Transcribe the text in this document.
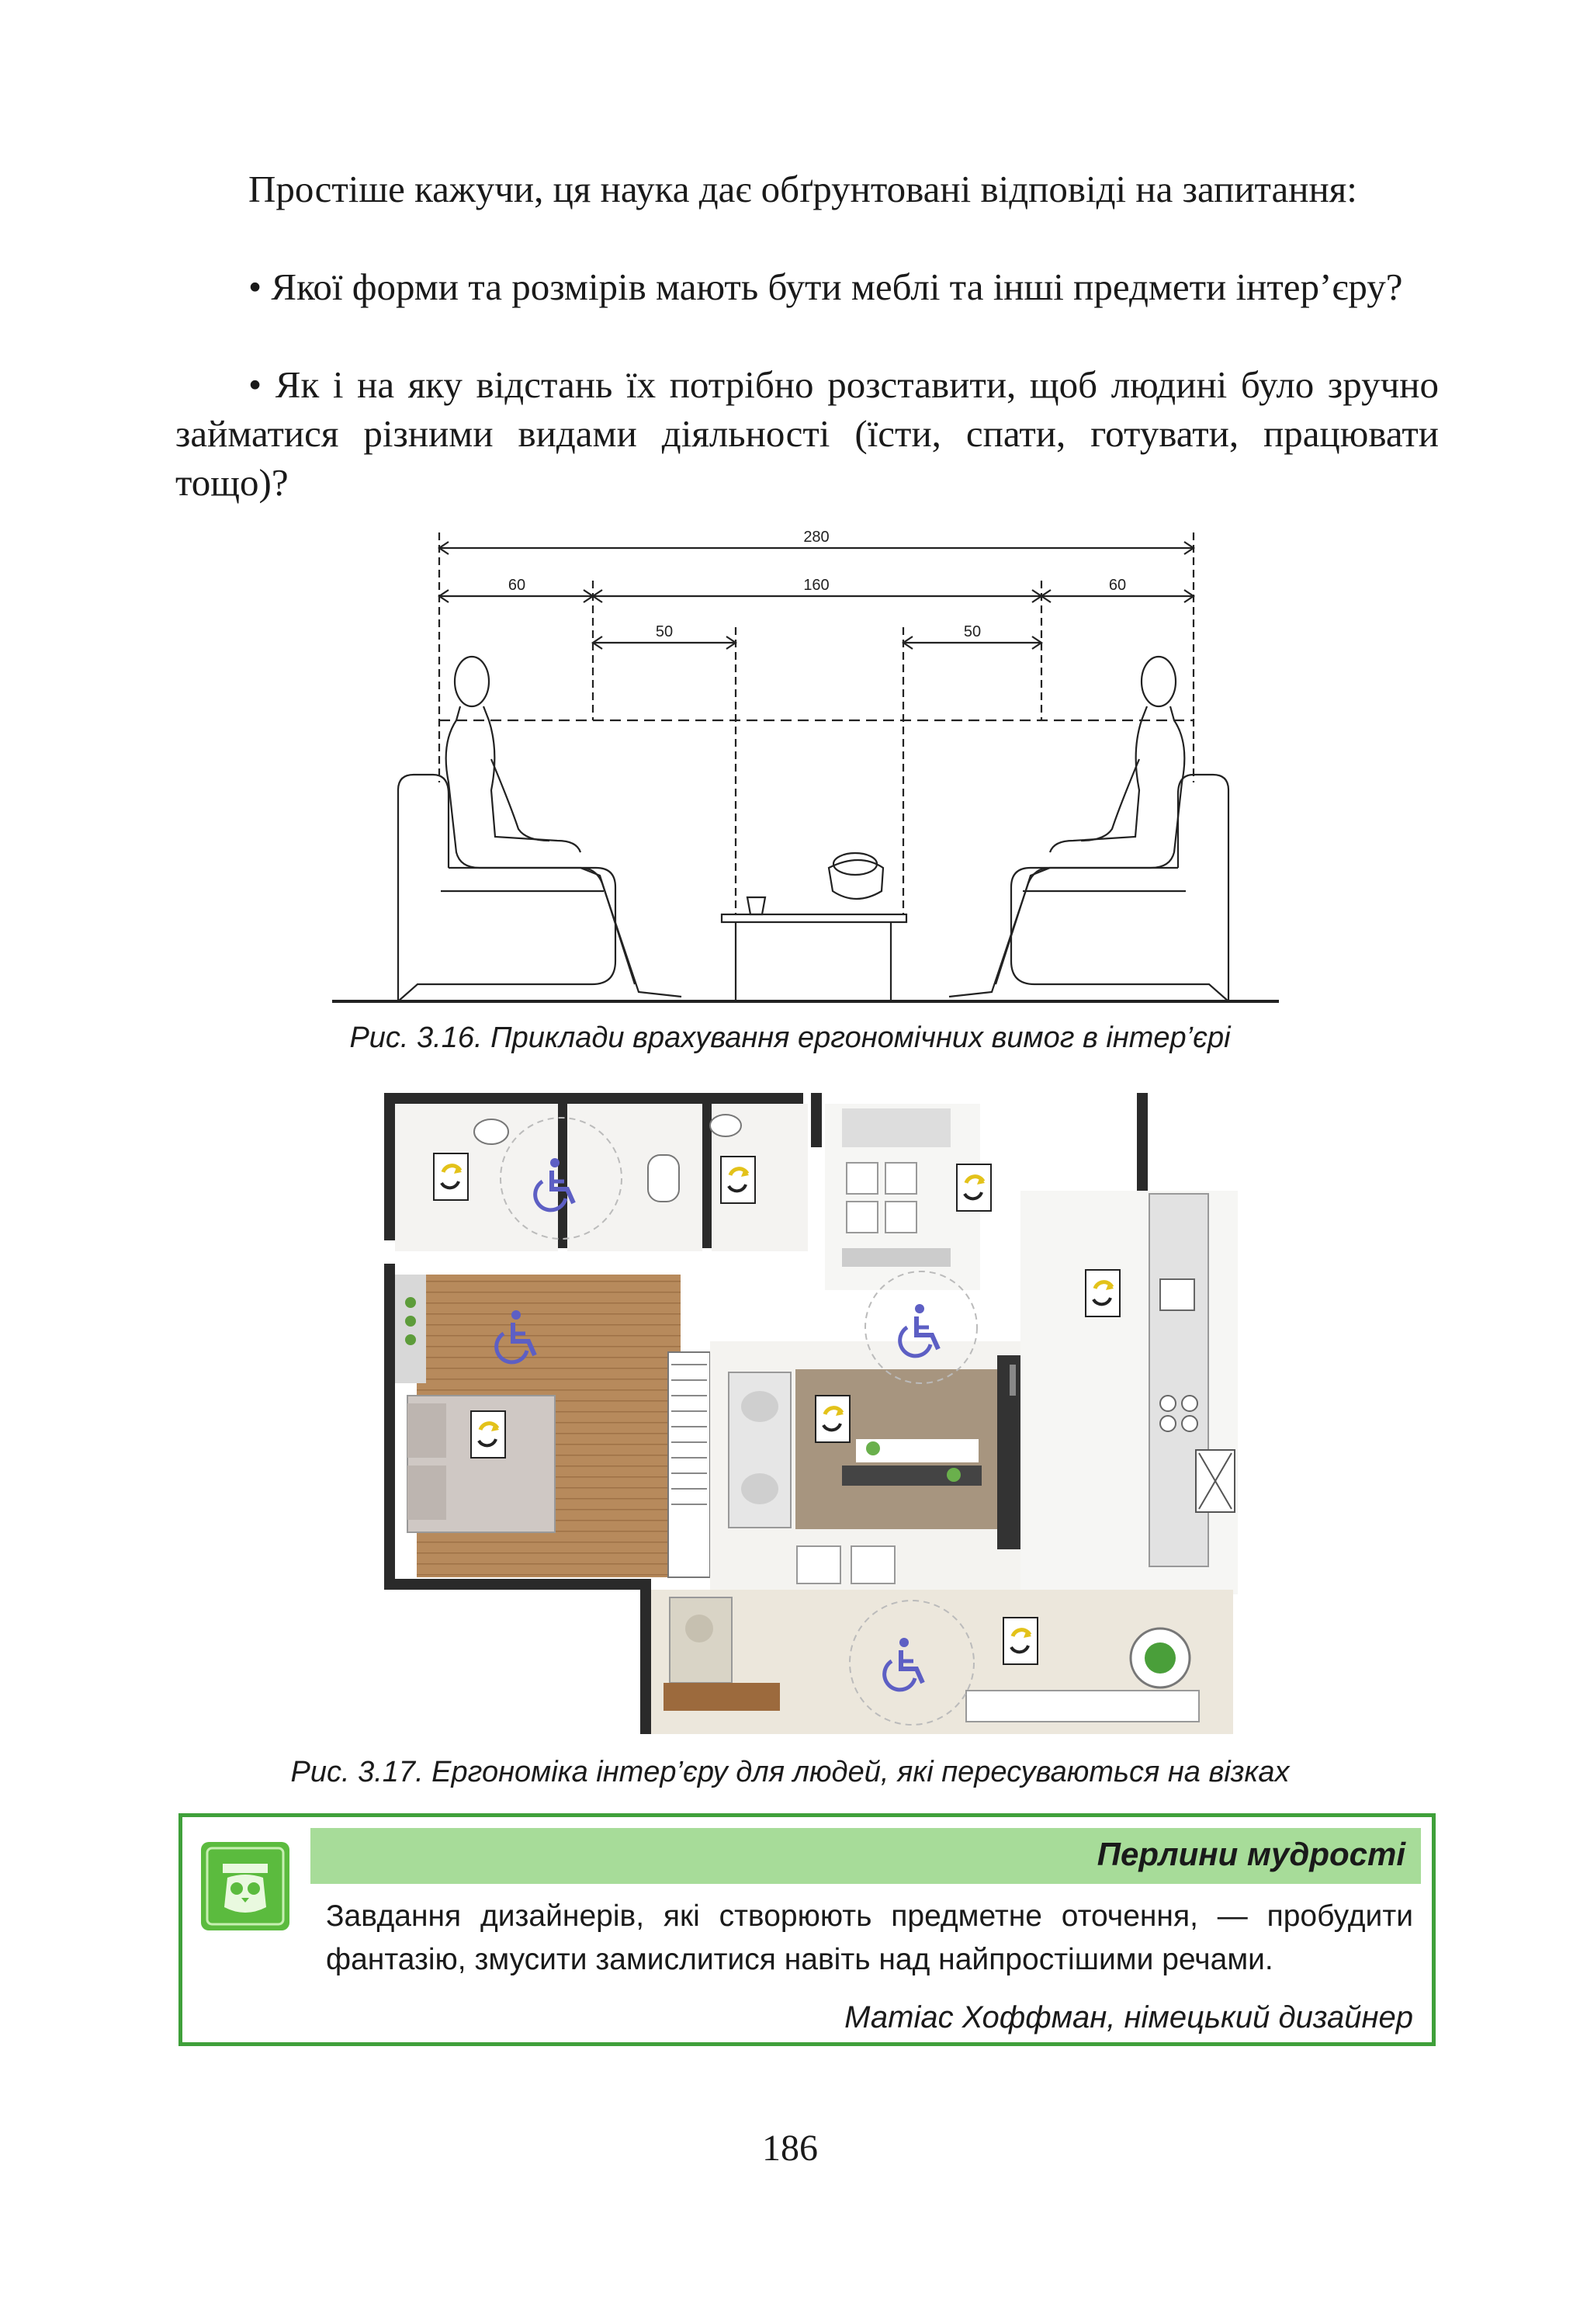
Простіше кажучи, ця наука дає обґрунтовані відповіді на запитання:
• Якої форми та розмірів мають бути меблі та інші предмети інтер’єру?
• Як і на яку відстань їх потрібно розставити, щоб людині було зручно займатися різними видами діяльності (їсти, спати, готувати, працювати тощо)?
280
60	160	60
50	50
Рис. 3.16. Приклади врахування ергономічних вимог в інтер’єрі
Рис. 3.17. Ергономіка інтер’єру для людей, які пересуваються на візках
Перлини мудрості
Завдання дизайнерів, які створюють предметне оточення, — пробудити фантазію, змусити замислитися навіть над найпростішими речами.
Матіас Хоффман, німецький дизайнер
186
